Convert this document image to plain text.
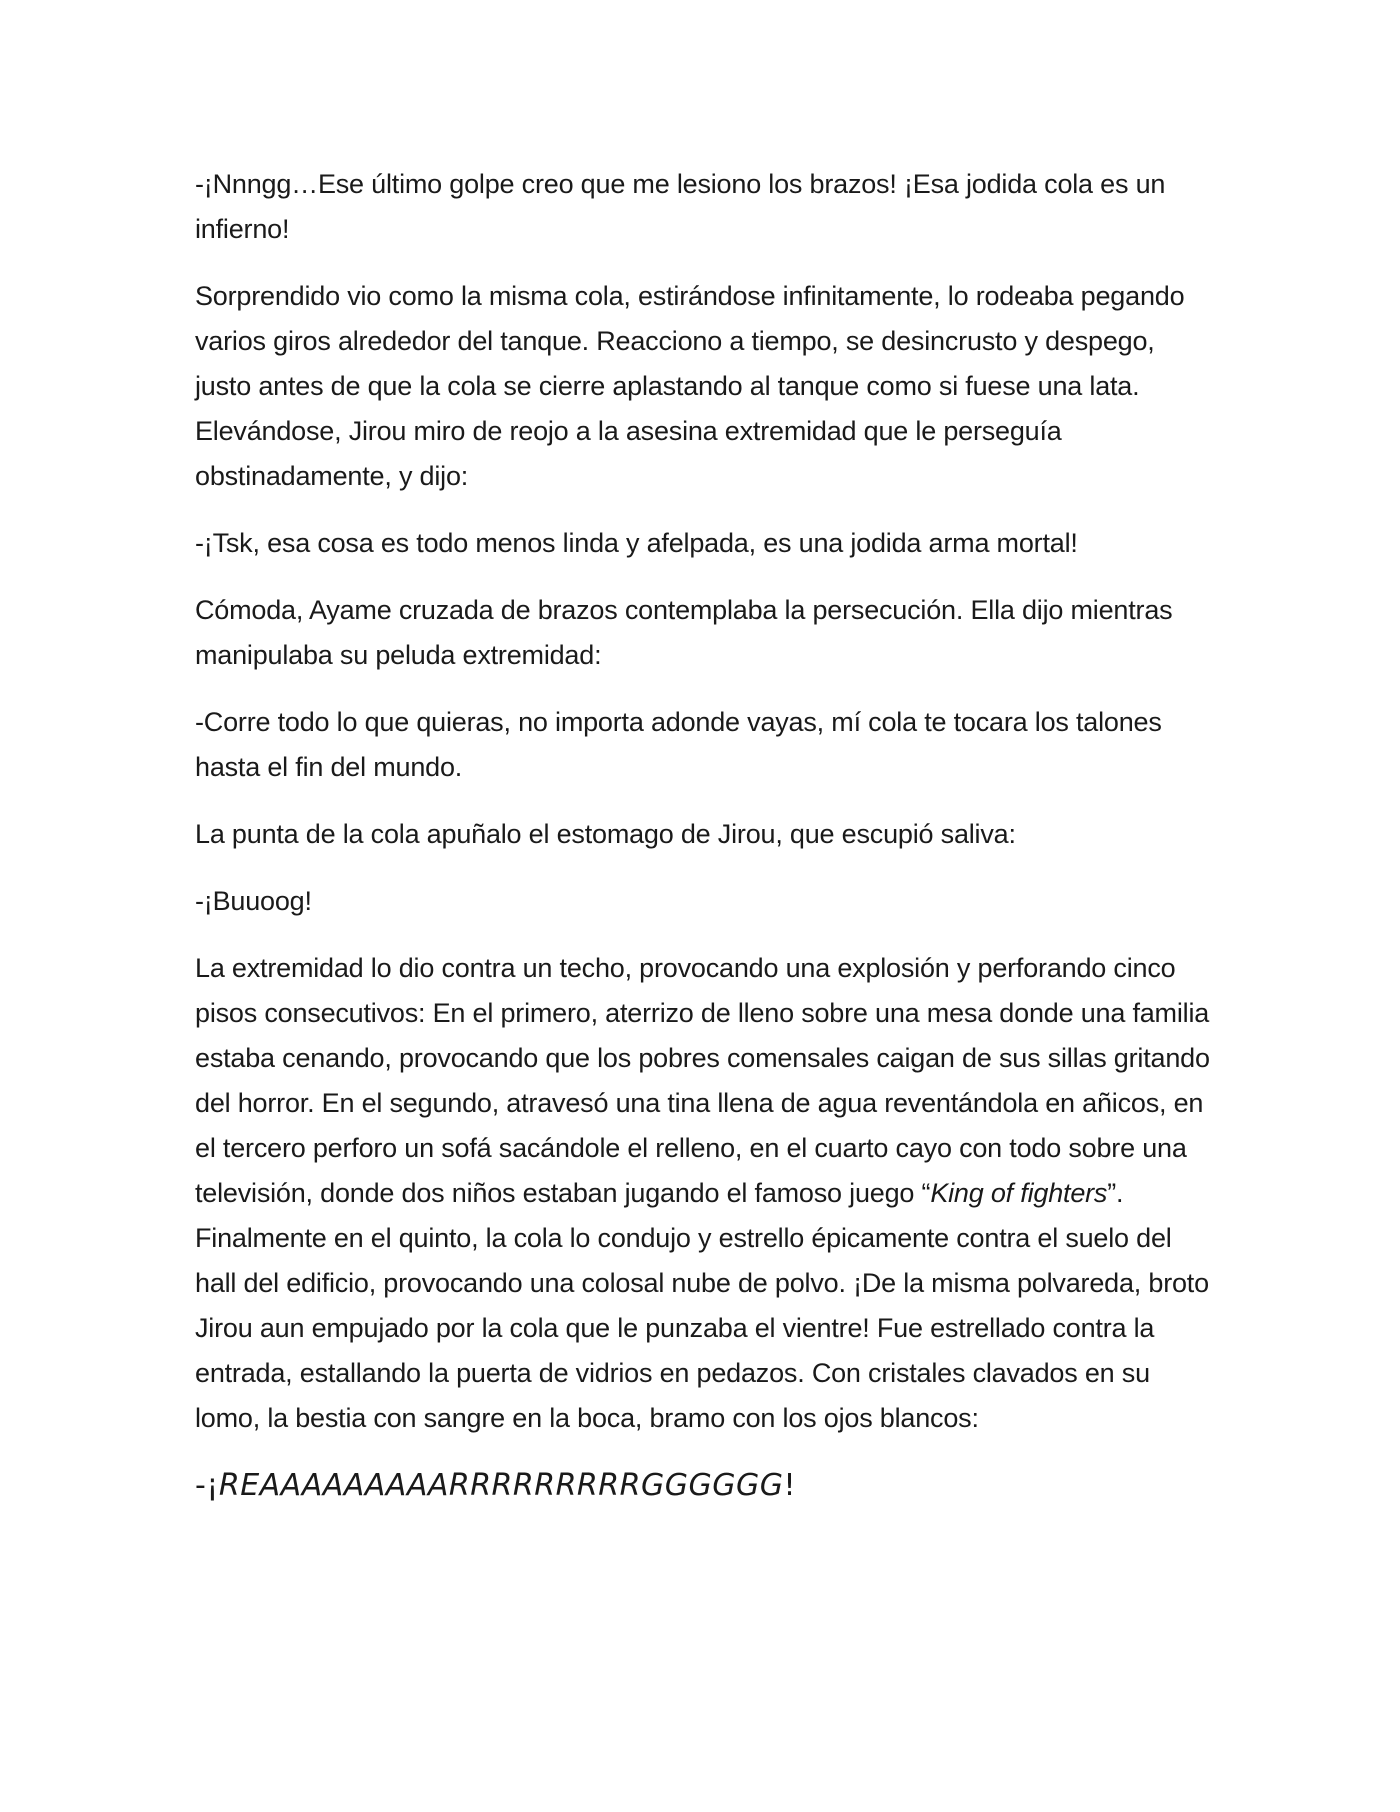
-¡Nnngg…Ese último golpe creo que me lesiono los brazos! ¡Esa jodida cola es un infierno!

Sorprendido vio como la misma cola, estirándose infinitamente, lo rodeaba pegando varios giros alrededor del tanque. Reacciono a tiempo, se desincrusto y despego, justo antes de que la cola se cierre aplastando al tanque como si fuese una lata. Elevándose, Jirou miro de reojo a la asesina extremidad que le perseguía obstinadamente, y dijo:

-¡Tsk, esa cosa es todo menos linda y afelpada, es una jodida arma mortal!

Cómoda, Ayame cruzada de brazos contemplaba la persecución. Ella dijo mientras manipulaba su peluda extremidad:

-Corre todo lo que quieras, no importa adonde vayas, mí cola te tocara los talones hasta el fin del mundo.

La punta de la cola apuñalo el estomago de Jirou, que escupió saliva:

-¡Buuoog!

La extremidad lo dio contra un techo, provocando una explosión y perforando cinco pisos consecutivos: En el primero, aterrizo de lleno sobre una mesa donde una familia estaba cenando, provocando que los pobres comensales caigan de sus sillas gritando del horror. En el segundo, atravesó una tina llena de agua reventándola en añicos, en el tercero perforo un sofá sacándole el relleno, en el cuarto cayo con todo sobre una televisión, donde dos niños estaban jugando el famoso juego “King of fighters”. Finalmente en el quinto, la cola lo condujo y estrello épicamente contra el suelo del hall del edificio, provocando una colosal nube de polvo. ¡De la misma polvareda, broto Jirou aun empujado por la cola que le punzaba el vientre! Fue estrellado contra la entrada, estallando la puerta de vidrios en pedazos. Con cristales clavados en su lomo, la bestia con sangre en la boca, bramo con los ojos blancos:

-¡REAAAAAAAAARRRRRRRRRGGGGGG!
